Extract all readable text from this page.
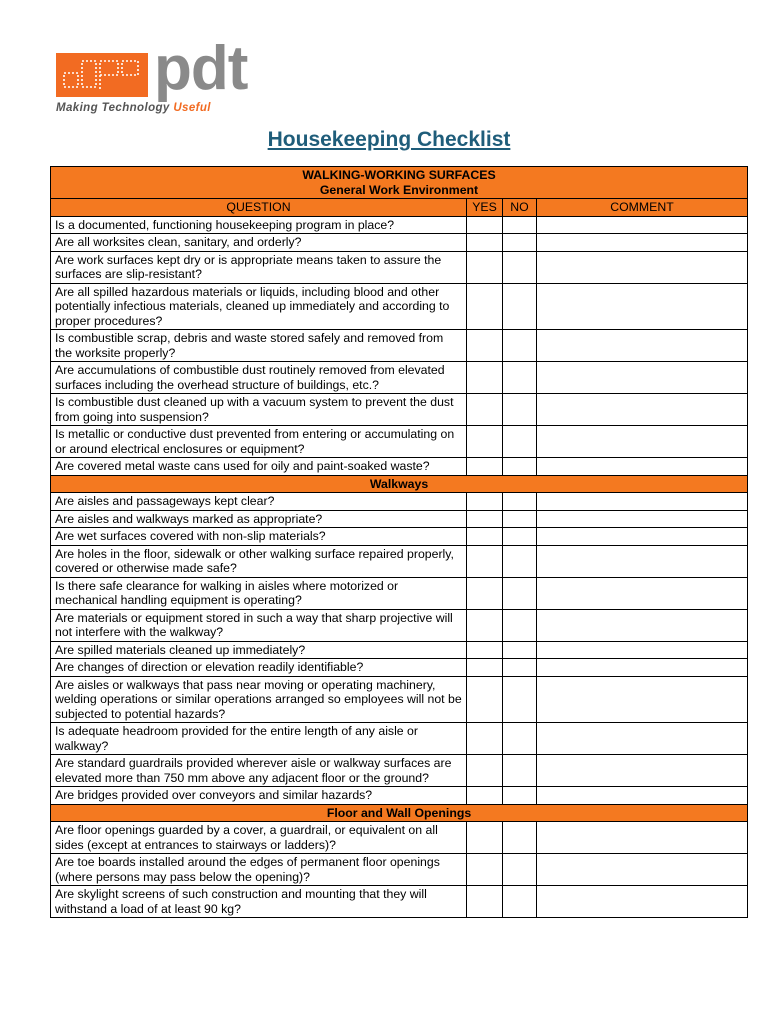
pdt
Making Technology Useful
Housekeeping Checklist
WALKING-WORKING SURFACES
General Work Environment			

QUESTION	YES	NO	COMMENT
Is a documented, functioning housekeeping program in place?			
Are all worksites clean, sanitary, and orderly?			
Are work surfaces kept dry or is appropriate means taken to assure the surfaces are slip-resistant?			
Are all spilled hazardous materials or liquids, including blood and other potentially infectious materials, cleaned up immediately and according to proper procedures?			
Is combustible scrap, debris and waste stored safely and removed from the worksite properly?			
Are accumulations of combustible dust routinely removed from elevated surfaces including the overhead structure of buildings, etc.?			
Is combustible dust cleaned up with a vacuum system to prevent the dust from going into suspension?			
Is metallic or conductive dust prevented from entering or accumulating on or around electrical enclosures or equipment?			
Are covered metal waste cans used for oily and paint-soaked waste?			
Walkways			
Are aisles and passageways kept clear?			
Are aisles and walkways marked as appropriate?			
Are wet surfaces covered with non-slip materials?			
Are holes in the floor, sidewalk or other walking surface repaired properly, covered or otherwise made safe?			
Is there safe clearance for walking in aisles where motorized or mechanical handling equipment is operating?			
Are materials or equipment stored in such a way that sharp projective will not interfere with the walkway?			
Are spilled materials cleaned up immediately?			
Are changes of direction or elevation readily identifiable?			
Are aisles or walkways that pass near moving or operating machinery, welding operations or similar operations arranged so employees will not be subjected to potential hazards?			
Is adequate headroom provided for the entire length of any aisle or walkway?			
Are standard guardrails provided wherever aisle or walkway surfaces are elevated more than 750 mm above any adjacent floor or the ground?			
Are bridges provided over conveyors and similar hazards?			
Floor and Wall Openings			
Are floor openings guarded by a cover, a guardrail, or equivalent on all sides (except at entrances to stairways or ladders)?			
Are toe boards installed around the edges of permanent floor openings (where persons may pass below the opening)?			
Are skylight screens of such construction and mounting that they will withstand a load of at least 90 kg?			
